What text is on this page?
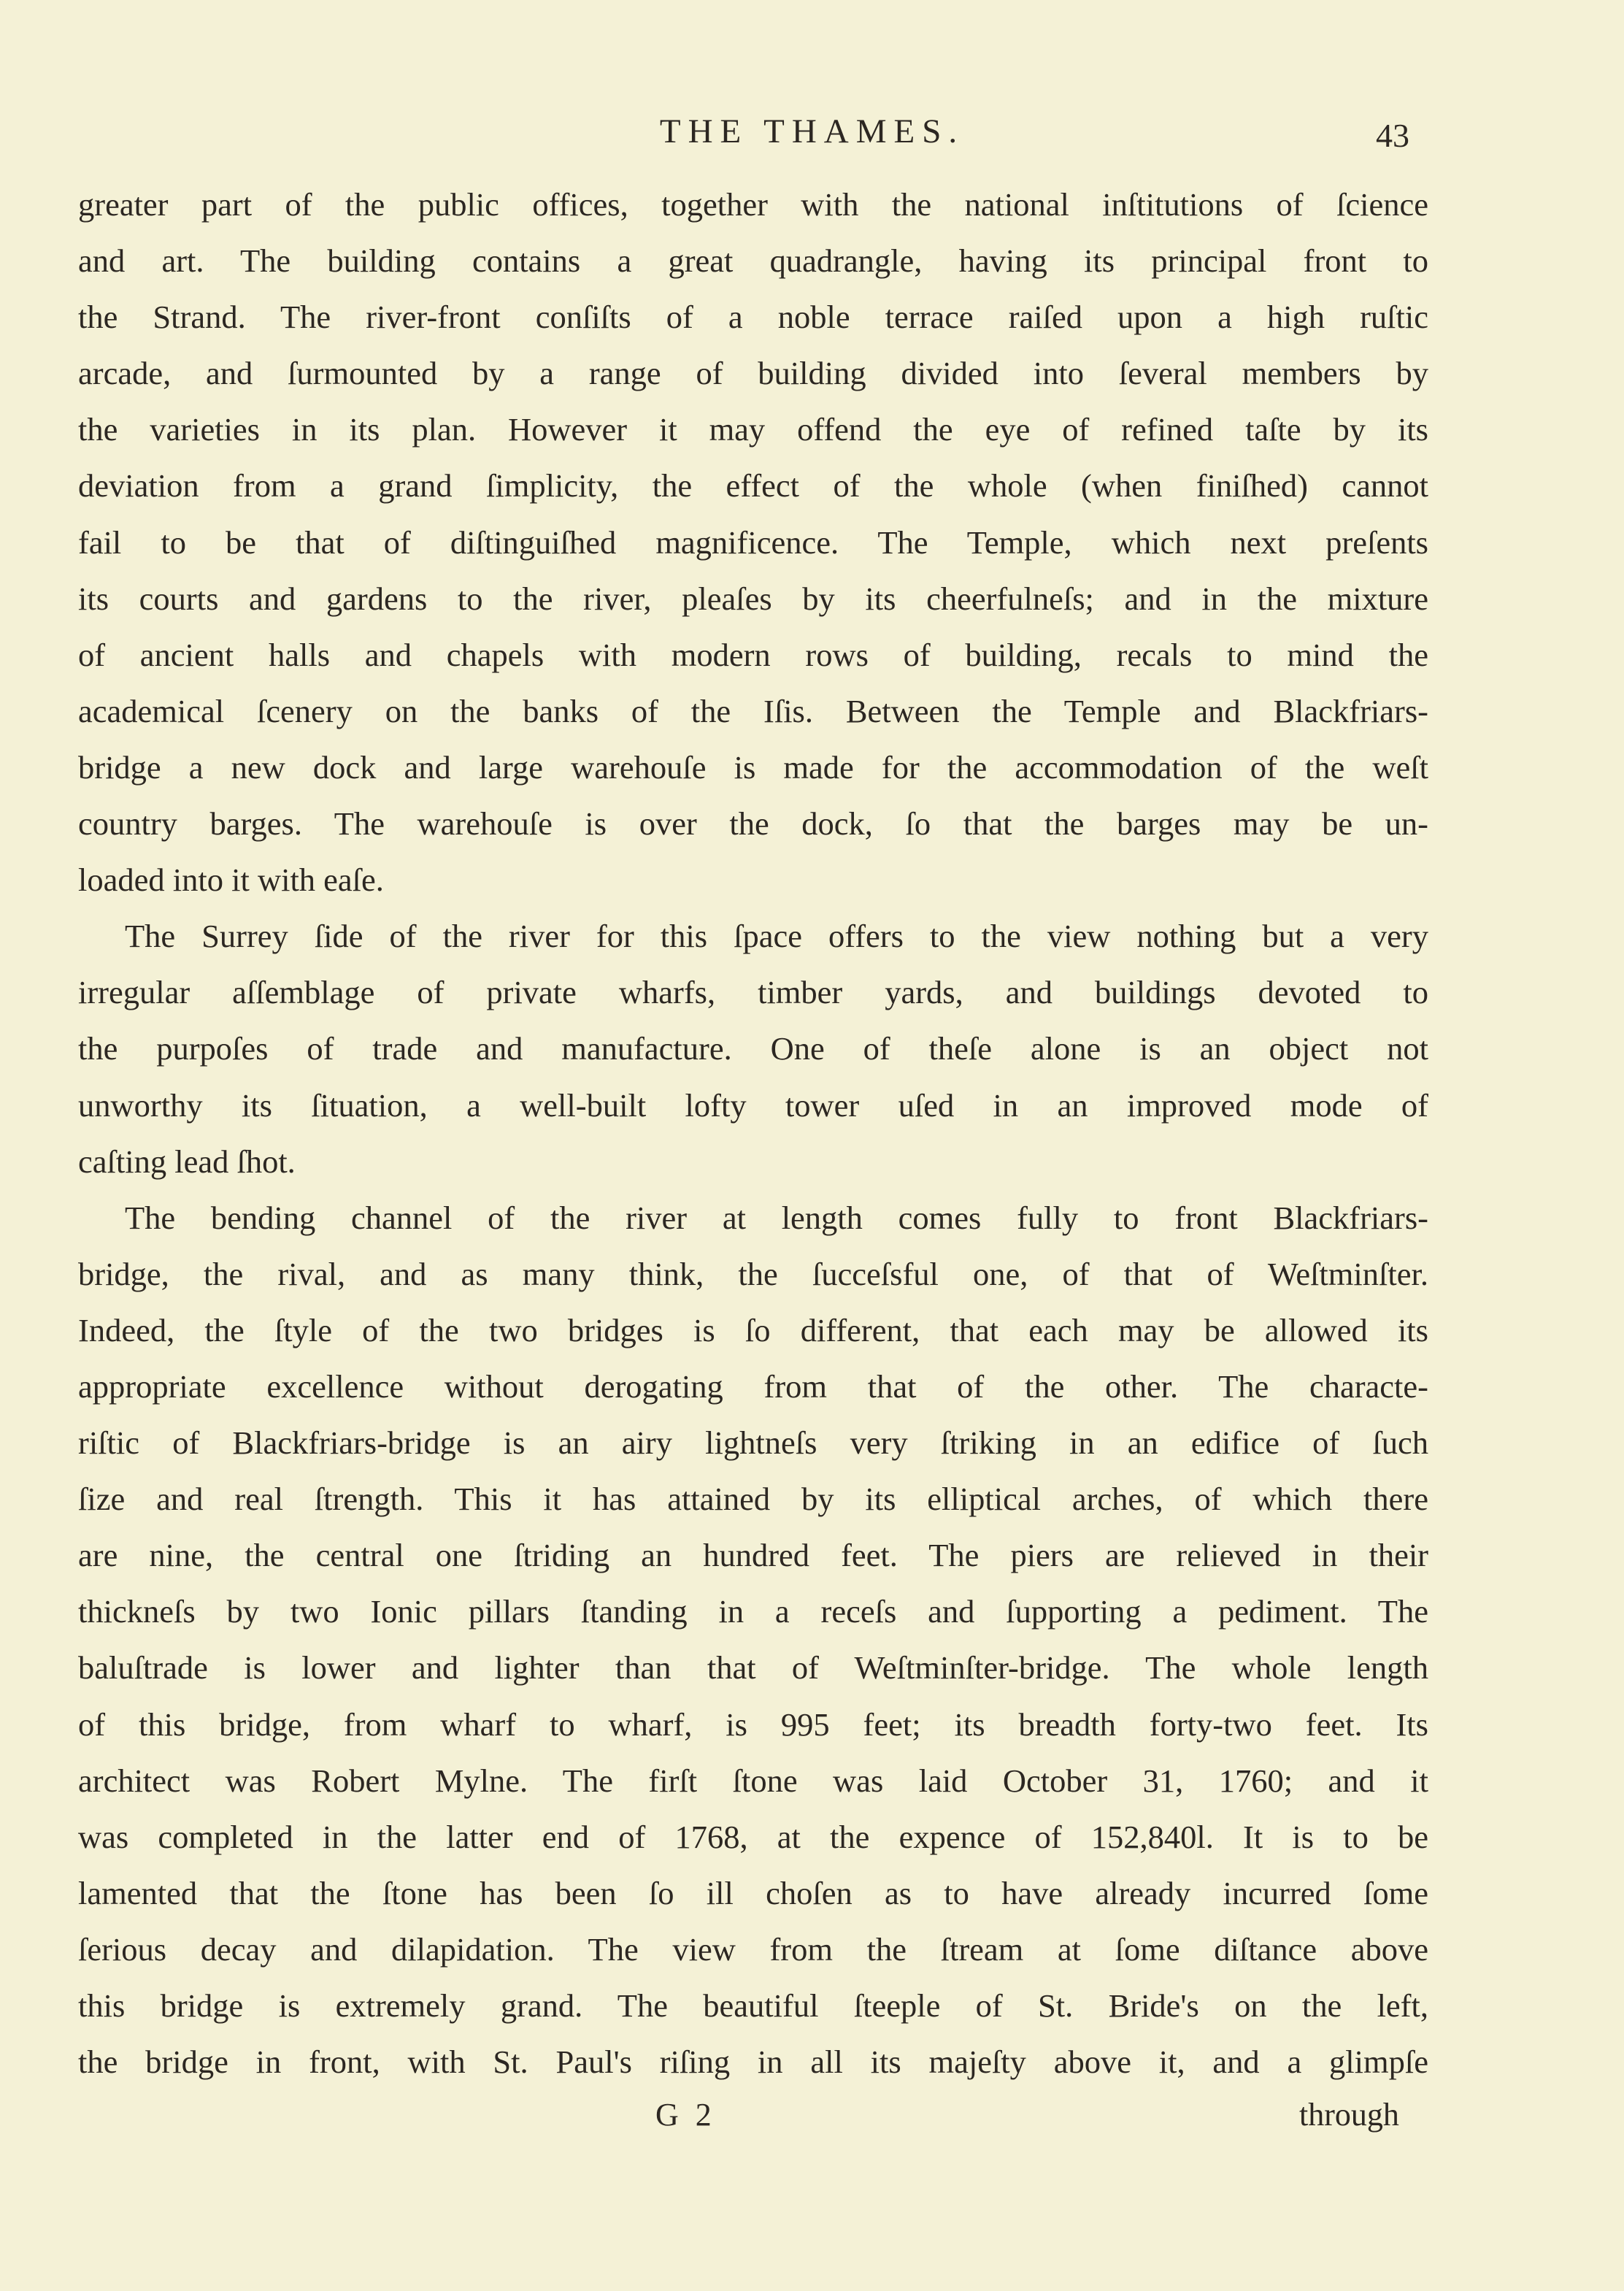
THE THAMES.	43
greater part of the public offices, together with the national inſtitutions of ſcience
and art. The building contains a great quadrangle, having its principal front to
the Strand. The river-front conſiſts of a noble terrace raiſed upon a high ruſtic
arcade, and ſurmounted by a range of building divided into ſeveral members by
the varieties in its plan. However it may offend the eye of refined taſte by its
deviation from a grand ſimplicity, the effect of the whole (when finiſhed) cannot
fail to be that of diſtinguiſhed magnificence. The Temple, which next preſents
its courts and gardens to the river, pleaſes by its cheerfulneſs; and in the mixture
of ancient halls and chapels with modern rows of building, recals to mind the
academical ſcenery on the banks of the Iſis. Between the Temple and Blackfriars-
bridge a new dock and large warehouſe is made for the accommodation of the weſt
country barges. The warehouſe is over the dock, ſo that the barges may be un-
loaded into it with eaſe.
The Surrey ſide of the river for this ſpace offers to the view nothing but a very
irregular aſſemblage of private wharfs, timber yards, and buildings devoted to
the purpoſes of trade and manufacture. One of theſe alone is an object not
unworthy its ſituation, a well-built lofty tower uſed in an improved mode of
caſting lead ſhot.
The bending channel of the river at length comes fully to front Blackfriars-
bridge, the rival, and as many think, the ſucceſsful one, of that of Weſtminſter.
Indeed, the ſtyle of the two bridges is ſo different, that each may be allowed its
appropriate excellence without derogating from that of the other. The characte-
riſtic of Blackfriars-bridge is an airy lightneſs very ſtriking in an edifice of ſuch
ſize and real ſtrength. This it has attained by its elliptical arches, of which there
are nine, the central one ſtriding an hundred feet. The piers are relieved in their
thickneſs by two Ionic pillars ſtanding in a receſs and ſupporting a pediment. The
baluſtrade is lower and lighter than that of Weſtminſter-bridge. The whole length
of this bridge, from wharf to wharf, is 995 feet; its breadth forty-two feet. Its
architect was Robert Mylne. The firſt ſtone was laid October 31, 1760; and it
was completed in the latter end of 1768, at the expence of 152,840l. It is to be
lamented that the ſtone has been ſo ill choſen as to have already incurred ſome
ſerious decay and dilapidation. The view from the ſtream at ſome diſtance above
this bridge is extremely grand. The beautiful ſteeple of St. Bride's on the left,
the bridge in front, with St. Paul's riſing in all its majeſty above it, and a glimpſe
G 2	through
